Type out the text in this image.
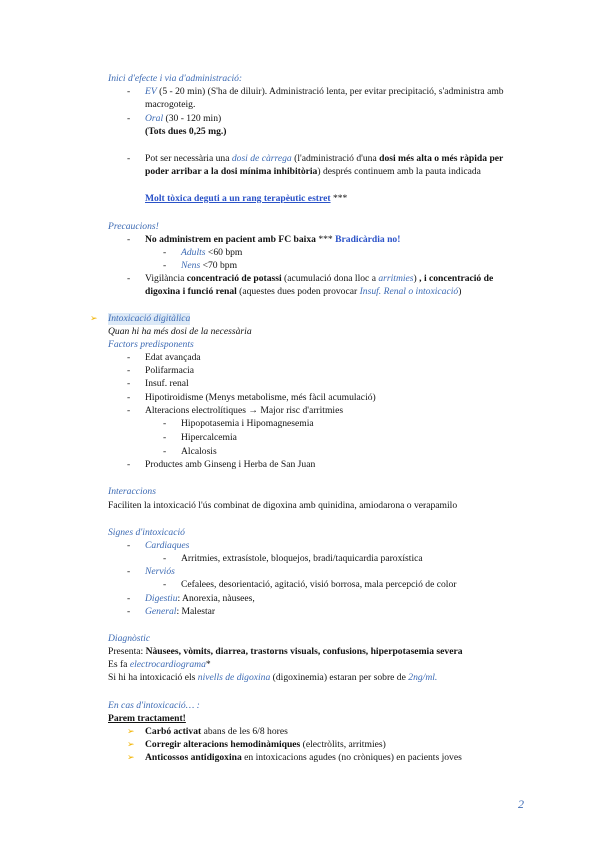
Inici d'efecte i via d'administració:
- EV (5 - 20 min) (S'ha de diluir). Administració lenta, per evitar precipitació, s'administra amb
macrogoteig.
- Oral (30 - 120 min)
(Tots dues 0,25 mg.)
- Pot ser necessària una dosi de càrrega (l'administració d'una dosi més alta o més ràpida per
poder arribar a la dosi mínima inhibitòria) després continuem amb la pauta indicada
Molt tòxica deguti a un rang terapèutic estret ***
Precaucions!
- No administrem en pacient amb FC baixa *** Bradicàrdia no!
- Adults <60 bpm
- Nens <70 bpm
- Vigilància concentració de potassi (acumulació dona lloc a arritmies) , i concentració de
digoxina i funció renal (aquestes dues poden provocar Insuf. Renal o intoxicació)
➢ Intoxicació digitàlica
Quan hi ha més dosi de la necessària
Factors predisponents
- Edat avançada
- Polifarmacia
- Insuf. renal
- Hipotiroidisme (Menys metabolisme, més fàcil acumulació)
- Alteracions electrolítiques → Major risc d'arritmies
- Hipopotasemia i Hipomagnesemia
- Hipercalcemia
- Alcalosis
- Productes amb Ginseng i Herba de San Juan
Interaccions
Faciliten la intoxicació l'ús combinat de digoxina amb quinidina, amiodarona o verapamilo
Signes d'intoxicació
- Cardiaques
- Arritmies, extrasístole, bloquejos, bradi/taquicardia paroxística
- Nerviós
- Cefalees, desorientació, agitació, visió borrosa, mala percepció de color
- Digestiu: Anorexia, nàusees,
- General: Malestar
Diagnòstic
Presenta: Nàusees, vòmits, diarrea, trastorns visuals, confusions, hiperpotasemia severa
Es fa electrocardiograma*
Si hi ha intoxicació els nivells de digoxina (digoxinemia) estaran per sobre de 2ng/ml.
En cas d'intoxicació… :
Parem tractament!
➢ Carbó activat abans de les 6/8 hores
➢ Corregir alteracions hemodinàmiques (electròlits, arritmies)
➢ Anticossos antidigoxina en intoxicacions agudes (no cròniques) en pacients joves
2
